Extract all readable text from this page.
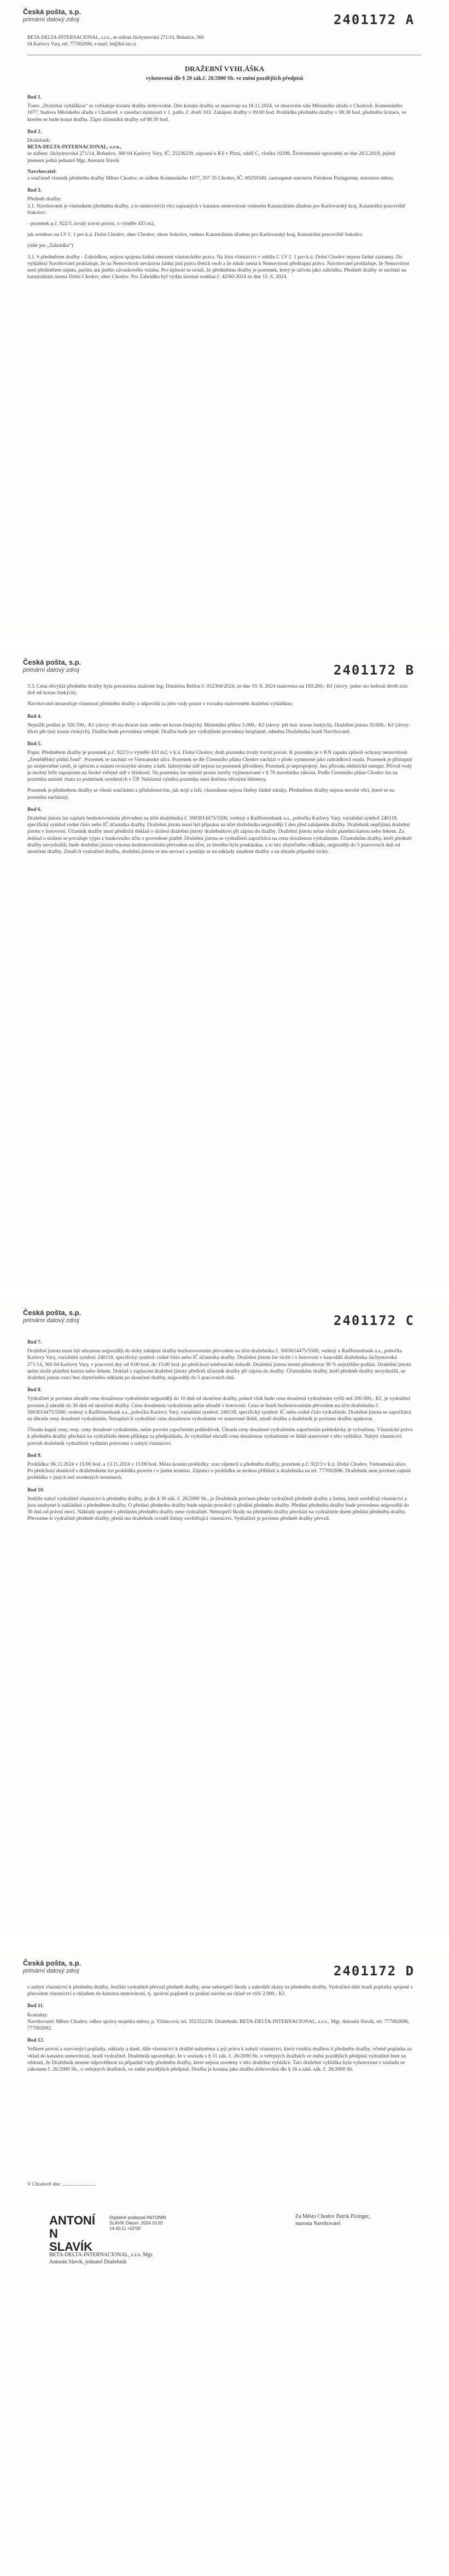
Česká pošta, s.p.
primární datový zdroj	2401172 A
BETA-DELTA-INTERNACIONAL, s.r.o., se sídlem Jáchymovská 271/14, Bohatice, 360 04 Karlovy Vary, tel: 777002696, e-mail: bd@bd-int.cz
DRAŽEBNÍ VYHLÁŠKA
vyhotovená dle § 20 zák.č. 26/2000 Sb. ve znění pozdějších předpisů
Bod 1.

Touto „Dražební vyhláškou“ se vyhlašuje konání dražby dobrovolné. Den konání dražby se stanovuje na 18.11.2024, ve sborovém sále Městského úřadu v Chodově, Komenského 1077, budova Městského úřadu v Chodově, v zasedací místnosti v 1. patře, č. dveří 103. Zahájení dražby v 09:00 hod. Prohlídka předmětu dražby v 08:30 hod. předmětu licitace, ve kterém se bude konat dražba. Zápis účastníků dražby od 08:30 hod.

Bod 2.

Dražebník:

BETA-DELTA-INTERNACIONAL, s.r.o.,

se sídlem: Jáchymovská 271/14, Bohatice, 360 04 Karlovy Vary, IČ: 25236239, zapsaná u KS v Plzni, oddíl C, vložka 10298, Živnostenské oprávnění ze dne 28.5.2019, jejímž jménem jedná jednatel Mgr. Antonín Slavík

Navrhovatel:

a současně vlastník předmětu dražby Město Chodov, se sídlem Komenského 1077, 357 35 Chodov, IČ: 00259349, zastoupené starostou Patrikem Pizingerem, starostou města.

Bod 3.

Předmět dražby:

3.1. Navrhovatel je vlastníkem předmětu dražby, a to nemovitých věcí zapsaných v katastru nemovitostí vedeném Katastrálním úřadem pro Karlovarský kraj, Katastrální pracoviště Sokolov:

- pozemek p.č. 922/3, trvalý travní porost, o výměře 433 m2,

jak uvedeno na LV č. 1 pro k.ú. Dolní Chodov, obec Chodov, okres Sokolov, vedeno Katastrálním úřadem pro Karlovarský kraj, Katastrální pracoviště Sokolov.

(dále jen „Zahrádka“)

3.2. S předmětem dražby - Zahrádkou, nejsou spojena žádná omezení vlastnického práva. Na listu vlastnictví v oddílu C LV č. 1 pro k.ú. Dolní Chodov nejsou žádné záznamy. Do vyhlášení Navrhovatel prohlašuje, že na Nemovitosti neváznou žádná jiná práva třetích osob a že nikdo nemá k Nemovitosti předkupní právo. Navrhovatel prohlašuje, že Nemovitost není předmětem nájmu, pachtu ani jiného závazkového vztahu. Pro úplnost se uvádí, že předmětem dražby je pozemek, který je užíván jako zahrádka. Předmět dražby se nachází na katastrálním území Dolní Chodov, obec Chodov. Pro Zahrádku byl vydán územní souhlas č. 42/60-2024 ze dne 15. 6. 2024.

Česká pošta, s.p.
primární datový zdroj	2401172 B

3.3. Cena obvyklá předmětu dražby byla posouzena znalcem Ing. Danielou Rellou č. 052304/2024, ze dne 19. 8. 2024 stanovena na 169.200,- Kč (slovy: jedno sto šedesát devět tisíc dvě stě korun českých).

Navrhovatel nezaručuje vlastnosti předmětu dražby a odpovídá za jeho vady pouze v rozsahu stanoveném dražební vyhláškou.

Bod 4.

Nejnižší podání je 320.700,- Kč (slovy: tři sta dvacet tisíc sedm set korun českých). Minimální příhoz 5.000,- Kč (slovy: pět tisíc korun českých). Dražební jistota 35.000,- Kč (slovy: třicet pět tisíc korun českých). Dražba bude provedena veřejně. Dražba bude pro vydražitele provedena bezplatně, odměna Dražebníka hradí Navrhovatel.

Bod 5.

Popis: Předmětem dražby je pozemek p.č. 922/3 o výměře 433 m2, v k.ú. Dolní Chodov, druh pozemku trvalý travní porost. K pozemku je v KN zapsán způsob ochrany nemovitosti „Zemědělský půdní fond“. Pozemek se nachází ve Vietnamské ulici. Pozemek se dle Územního plánu Chodov nachází v ploše vymezené jako zahrádková osada. Pozemek je přístupný po nezpevněné cestě, je oplocen a osázen ovocnými stromy a keři. Inženýrské sítě nejsou na pozemek přivedeny. Pozemek je nepropojený, bez přívodu elektrické energie. Přívod vody je možný řešit napojením na široké veřejné sítě v blízkosti. Na pozemku lze umístit pouze stavby vyjmenované v § 79 stavebního zákona. Podle Územního plánu Chodov lze na pozemku umístit chatu za podmínek uvedených v ÚP. Nabízená výměra pozemku není dotčena věcnými břemeny.

Pozemek je předmětem dražby se všemi součástmi a příslušenstvím, jak stojí a leží, vlastníkem nejsou činěny žádné záruky. Předmětem dražby nejsou movité věci, které se na pozemku nacházejí.

Bod 6.

Dražební jistotu lze zaplatit bezhotovostním převodem na účet dražebníka č. 5003014475/5500, vedený u Raiffeisenbank a.s., pobočka Karlovy Vary, variabilní symbol 240118, specifický symbol rodné číslo nebo IČ účastníka dražby. Dražební jistota musí být připsána na účet dražebníka nejpozději 1 den před zahájením dražby. Dražebník nepřijímá dražební jistotu v hotovosti. Účastník dražby musí předložit doklad o složení dražební jistoty dražebníkovi při zápisu do dražby. Dražební jistotu nelze složit platební kartou nebo šekem. Za doklad o složení se považuje výpis z bankovního účtu o provedené platbě. Dražební jistota se vydražiteli započítává na cenu dosaženou vydražením. Účastníkům dražby, kteří předmět dražby nevydražili, bude dražební jistota vrácena bezhotovostním převodem na účet, ze kterého byla poukázána, a to bez zbytečného odkladu, nejpozději do 5 pracovních dnů od skončení dražby. Zmaří-li vydražitel dražbu, dražební jistota se mu nevrací a použije se na náklady zmařené dražby a na úhradu případné ztráty.

Česká pošta, s.p.
primární datový zdroj	2401172 C
Bod 7.

Dražební jistota musí být uhrazena nejpozději do doby zahájení dražby bezhotovostním převodem na účet dražebníka č. 5003014475/5500, vedený u Raiffeisenbank a.s., pobočka Karlovy Vary, variabilní symbol: 240118, specifický symbol: rodné číslo nebo IČ účastníka dražby. Dražební jistotu lze složit i v hotovosti v kanceláři dražebníka Jáchymovská 271/14, 360 04 Karlovy Vary, v pracovní dny od 9:00 hod. do 15:00 hod. po předchozí telefonické dohodě. Dražební jistota nesmí přesahovat 30 % nejnižšího podání. Dražební jistotu nelze složit platební kartou nebo šekem. Doklad o zaplacení dražební jistoty předloží účastník dražby při zápisu do dražby. Účastníkům dražby, kteří předmět dražby nevydražili, se dražební jistota vrací bez zbytečného odkladu po skončení dražby, nejpozději do 5 pracovních dnů.

Bod 8.

Vydražitel je povinen uhradit cenu dosaženou vydražením nejpozději do 10 dnů od skončení dražby, pokud však bude cena dosažená vydražením vyšší než 200.000,- Kč, je vydražitel povinen ji uhradit do 30 dnů od skončení dražby. Cenu dosaženou vydražením nelze uhradit v hotovosti. Cena se hradí bezhotovostním převodem na účet dražebníka č. 5003014475/5500, vedený u Raiffeisenbank a.s., pobočka Karlovy Vary, variabilní symbol: 240118, specifický symbol: IČ nebo rodné číslo vydražitele. Dražební jistota se započítává na úhradu ceny dosažené vydražením. Nezaplatí-li vydražitel cenu dosaženou vydražením ve stanovené lhůtě, zmaří dražbu a dražebník je povinen dražbu opakovat.

Úhradu kupní ceny, resp. ceny dosažené vydražením, nelze provést započtením pohledávek. Úhrada ceny dosažené vydražením započtením pohledávky je vyloučena. Vlastnické právo k předmětu dražby přechází na vydražitele dnem příklepu za předpokladu, že vydražitel uhradil cenu dosaženou vydražením ve lhůtě stanovené v této vyhlášce. Nabytí vlastnictví potvrdí dražebník vydražiteli vydáním potvrzení o nabytí vlastnictví.

Bod 9.

Prohlídka: 06.11.2024 v 15:00 hod. a 13.11.2024 v 15:00 hod. Místo konání prohlídky: sraz zájemců u předmětu dražby, pozemek p.č. 922/3 v k.ú. Dolní Chodov, Vietnamská ulice. Po předchozí domluvě s dražebníkem lze prohlídku provést i v jiném termínu. Zájemci o prohlídku se mohou přihlásit u dražebníka na tel. 777002696. Dražebník není povinen zajistit prohlídku v jiných než uvedených termínech.

Bod 10.

Jestliže nabyl vydražitel vlastnictví k předmětu dražby, je dle § 30 zák. č. 26/2000 Sb., je Dražebník povinen předat vydražiteli předmět dražby a listiny, které osvědčují vlastnictví a jsou nezbytné k nakládání s předmětem dražby. O předání předmětu dražby bude sepsán protokol o předání předmětu dražby. Předání předmětu dražby bude provedeno nejpozději do 30 dnů od právní moci. Náklady spojené s předáním předmětu dražby nese vydražitel. Nebezpečí škody na předmětu dražby přechází na vydražitele dnem předání předmětu dražby. Převezme-li vydražitel předmět dražby, předá mu dražebník rovněž listiny osvědčující vlastnictví. Vydražitel je povinen předmět dražby převzít.

Česká pošta, s.p.
primární datový zdroj	2401172 D

o nabytí vlastnictví k předmětu dražby. Jestliže vydražitel převzal předmět dražby, nese nebezpečí škody a nahodilé zkázy na předmětu dražby. Vydražitel dále hradí poplatky spojené s převodem vlastnictví a vkladem do katastru nemovitostí, tj. správní poplatek za podání návrhu na vklad ve výši 2.000,- Kč.

Bod 11.

Kontakty:

Navrhovatel: Město Chodov, odbor správy majetku města, p. Vilímcová, tel. 352352230. Dražebník: BETA-DELTA-INTERNACIONAL, s.r.o., Mgr. Antonín Slavík, tel. 777002696, 777002692.

Bod 12.

Veškeré právní a související poplatky, náklady a daně, dále vlastnictví k dražbě nabytému a její práva k nabytí vlastnictví, která vznikla dražbou k předmětu dražby, včetně poplatku za vklad do katastru nemovitostí, hradí vydražitel. Dražebník upozorňuje, že v souladu s § 31 zák. č. 26/2000 Sb. o veřejných dražbách ve znění pozdějších předpisů vydražitel bere na vědomí, že Dražebník nenese odpovědnost za případné vady předmětu dražby, které nejsou uvedeny v této dražební vyhlášce. Tato dražební vyhláška byla vyhotovena v souladu se zákonem č. 26/2000 Sb., o veřejných dražbách, ve znění pozdějších předpisů. Dražba je konána jako dražba dobrovolná dle § 16 a násl. zák. č. 26/2000 Sb.

V Chodově dne ..........................
ANTONÍ N SLAVÍK
Digitálně podepsal ANTONÍN SLAVÍK Datum: 2024.10.02 14:40:11 +02'00'
BETA-DELTA-INTERNACIONAL, s.r.o. Mgr. Antonín Slavík, jednatel Dražebník
Za Město Chodov Patrik Pizinger, starosta Navrhovatel
